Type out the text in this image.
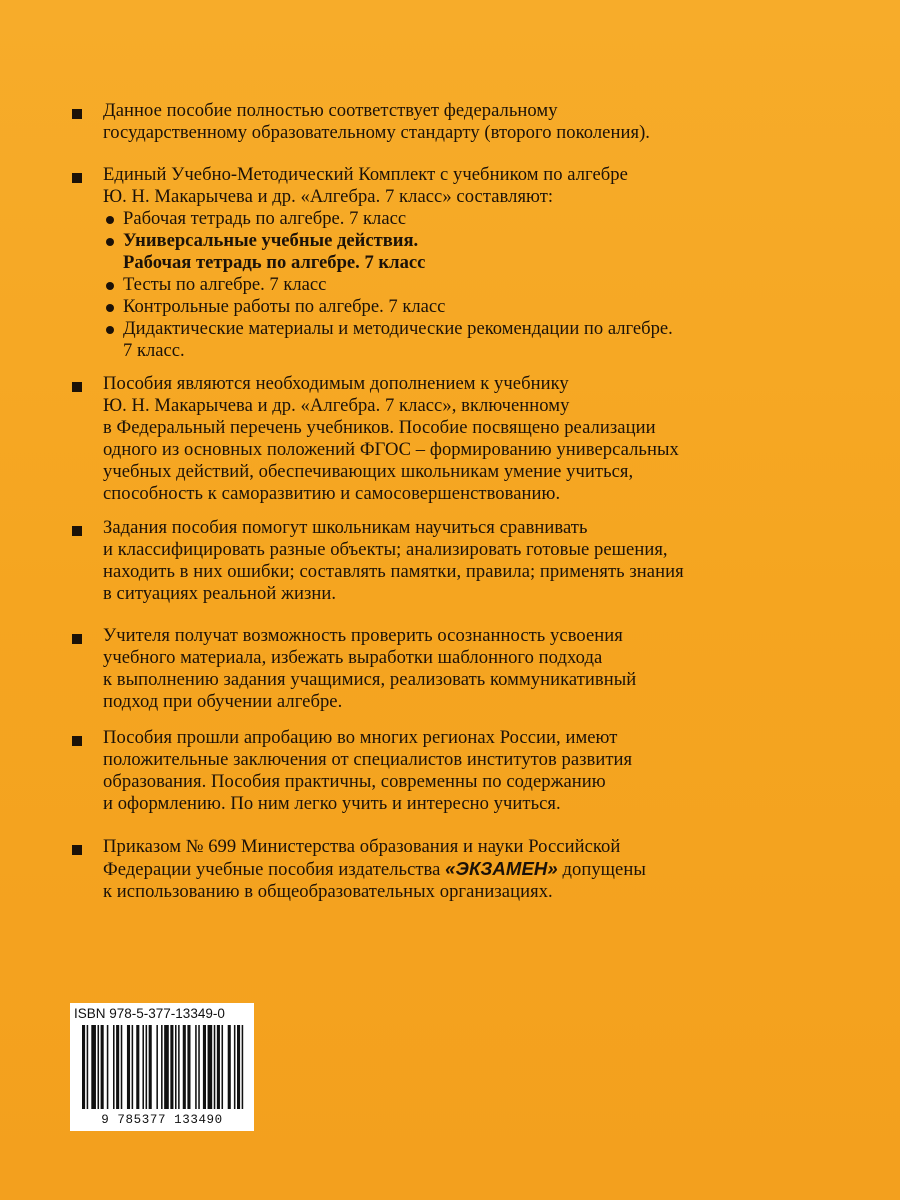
Данное пособие полностью соответствует федеральному
государственному образовательному стандарту (второго поколения).
Единый Учебно-Методический Комплект с учебником по алгебре
Ю. Н. Макарычева и др. «Алгебра. 7 класс» составляют:
Рабочая тетрадь по алгебре. 7 класс
Универсальные учебные действия.
Рабочая тетрадь по алгебре. 7 класс
Тесты по алгебре. 7 класс
Контрольные работы по алгебре. 7 класс
Дидактические материалы и методические рекомендации по алгебре.
7 класс.
Пособия являются необходимым дополнением к учебнику
Ю. Н. Макарычева и др. «Алгебра. 7 класс», включенному
в Федеральный перечень учебников. Пособие посвящено реализации
одного из основных положений ФГОС – формированию универсальных
учебных действий, обеспечивающих школьникам умение учиться,
способность к саморазвитию и самосовершенствованию.
Задания пособия помогут школьникам научиться сравнивать
и классифицировать разные объекты; анализировать готовые решения,
находить в них ошибки; составлять памятки, правила; применять знания
в ситуациях реальной жизни.
Учителя получат возможность проверить осознанность усвоения
учебного материала, избежать выработки шаблонного подхода
к выполнению задания учащимися, реализовать коммуникативный
подход при обучении алгебре.
Пособия прошли апробацию во многих регионах России, имеют
положительные заключения от специалистов институтов развития
образования. Пособия практичны, современны по содержанию
и оформлению. По ним легко учить и интересно учиться.
Приказом № 699 Министерства образования и науки Российской
Федерации учебные пособия издательства «ЭКЗАМЕН» допущены
к использованию в общеобразовательных организациях.
ISBN 978-5-377-13349-0
9 785377 133490
